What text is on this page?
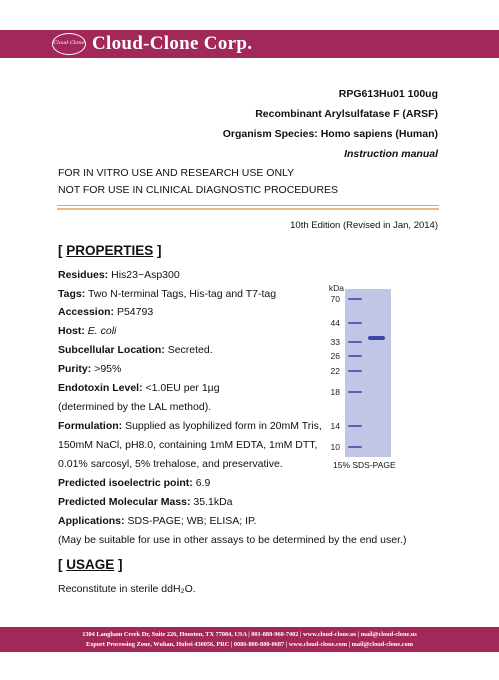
Cloud-Clone Cloud-Clone Corp.
RPG613Hu01 100ug
Recombinant Arylsulfatase F (ARSF)
Organism Species: Homo sapiens (Human)
Instruction manual
FOR IN VITRO USE AND RESEARCH USE ONLY
NOT FOR USE IN CLINICAL DIAGNOSTIC PROCEDURES
10th Edition (Revised in Jan, 2014)
[ PROPERTIES ]
Residues: His23~Asp300
Tags: Two N-terminal Tags, His-tag and T7-tag
Accession: P54793
Host: E. coli
Subcellular Location: Secreted.
Purity: >95%
Endotoxin Level: <1.0EU per 1µg
(determined by the LAL method).
Formulation: Supplied as lyophilized form in 20mM Tris,
150mM NaCl, pH8.0, containing 1mM EDTA, 1mM DTT,
0.01% sarcosyl, 5% trehalose, and preservative.
Predicted isoelectric point: 6.9
Predicted Molecular Mass: 35.1kDa
Applications: SDS-PAGE; WB; ELISA; IP.
(May be suitable for use in other assays to be determined by the end user.)
kDa
70
44
33
26
22
18
14
10
15% SDS-PAGE
[ USAGE ]
Reconstitute in sterile ddH₂O.
1304 Langham Creek Dr, Suite 226, Houston, TX 77084, USA | 001-888-960-7402 | www.cloud-clone.us | mail@cloud-clone.us
Export Processing Zone, Wuhan, Hubei 430056, PRC | 0086-800-880-0687 | www.cloud-clone.com | mail@cloud-clone.com
